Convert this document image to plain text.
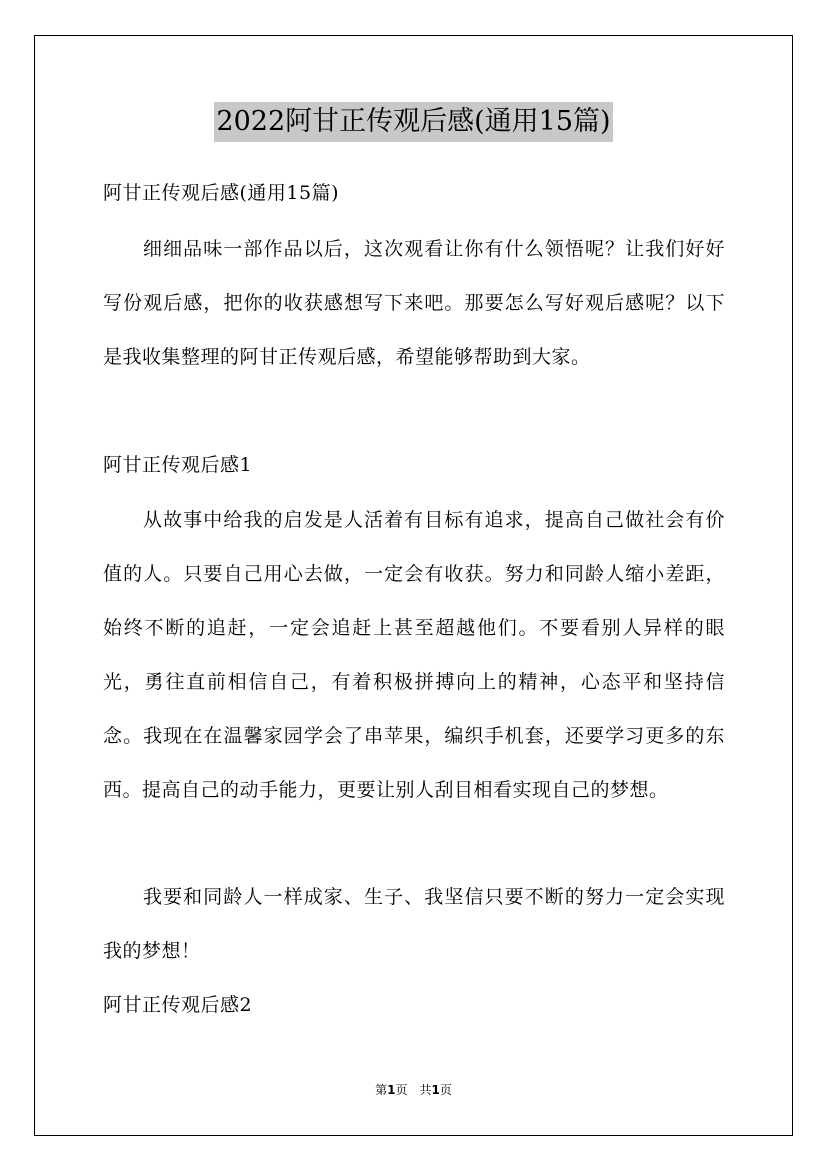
2022阿甘正传观后感(通用15篇)
阿甘正传观后感(通用15篇)
细细品味一部作品以后，这次观看让你有什么领悟呢？让我们好好写份观后感，把你的收获感想写下来吧。那要怎么写好观后感呢？以下是我收集整理的阿甘正传观后感，希望能够帮助到大家。
阿甘正传观后感1
从故事中给我的启发是人活着有目标有追求，提高自己做社会有价值的人。只要自己用心去做，一定会有收获。努力和同龄人缩小差距，始终不断的追赶，一定会追赶上甚至超越他们。不要看别人异样的眼光，勇往直前相信自己，有着积极拼搏向上的精神，心态平和坚持信念。我现在在温馨家园学会了串苹果，编织手机套，还要学习更多的东西。提高自己的动手能力，更要让别人刮目相看实现自己的梦想。
我要和同龄人一样成家、生子、我坚信只要不断的努力一定会实现我的梦想！
阿甘正传观后感2
第1页　共1页
